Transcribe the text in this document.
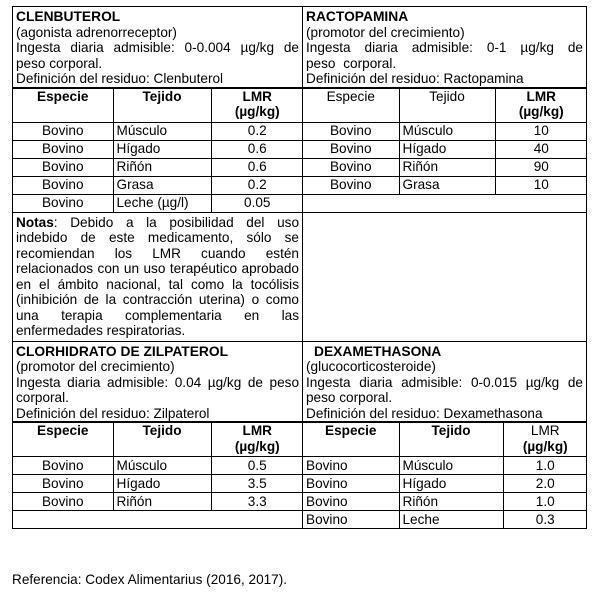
CLENBUTEROL
(agonista adrenorreceptor)
Ingesta diaria admisible: 0-0.004 µg/kg de peso corporal.
Definición del residuo: Clenbuterol

RACTOPAMINA
(promotor del crecimiento)
Ingesta diaria admisible: 0-1 µg/kg de peso corporal.
Definición del residuo: Ractopamina

Especie	Tejido	LMR (µg/kg)
Bovino	Músculo	0.2
Bovino	Hígado	0.6
Bovino	Riñón	0.6
Bovino	Grasa	0.2
Bovino	Leche (µg/l)	0.05

Especie	Tejido	LMR (µg/kg)
Bovino	Músculo	10
Bovino	Hígado	40
Bovino	Riñón	90
Bovino	Grasa	10

Notas: Debido a la posibilidad del uso indebido de este medicamento, sólo se recomiendan los LMR cuando estén relacionados con un uso terapéutico aprobado en el ámbito nacional, tal como la tocólisis (inhibición de la contracción uterina) o como una terapia complementaria en las enfermedades respiratorias.

CLORHIDRATO DE ZILPATEROL
(promotor del crecimiento)
Ingesta diaria admisible: 0.04 µg/kg de peso corporal.
Definición del residuo: Zilpaterol

DEXAMETHASONA
(glucocorticosteroide)
Ingesta diaria admisible: 0-0.015 µg/kg de peso corporal.
Definición del residuo: Dexamethasona

Especie	Tejido	LMR (µg/kg)
Bovino	Músculo	0.5
Bovino	Hígado	3.5
Bovino	Riñón	3.3

Especie	Tejido	LMR
(µg/kg)

Bovino	Músculo	1.0
Bovino	Hígado	2.0
Bovino	Riñón	1.0
Bovino	Leche	0.3
Referencia: Codex Alimentarius (2016, 2017).
